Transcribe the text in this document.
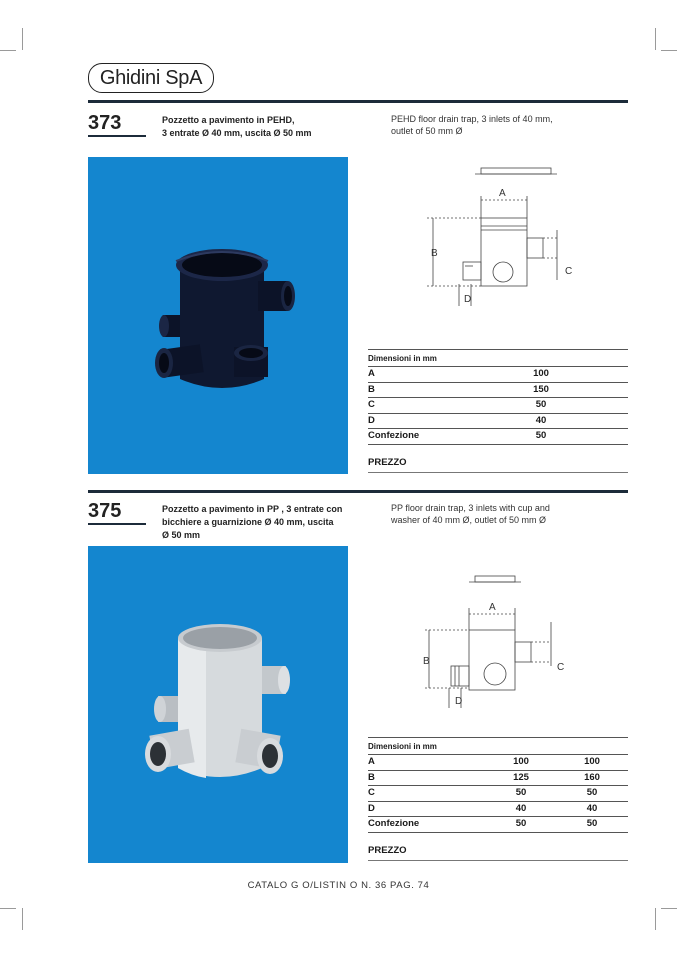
Ghidini SpA
373	Pozzetto a pavimento in PEHD,
3 entrate Ø 40 mm, uscita Ø 50 mm
PEHD floor drain trap, 3 inlets of 40 mm,
outlet of 50 mm Ø
A
B
C
D
Dimensioni in mm
A	100
B	150
C	50
D	40
Confezione	50
PREZZO
375	Pozzetto a pavimento in PP , 3 entrate con
bicchiere a guarnizione Ø 40 mm, uscita
Ø 50 mm
PP floor drain trap, 3 inlets with cup and
washer of 40 mm Ø, outlet of 50 mm Ø
A
B
C
D
Dimensioni in mm
A	100	100
B	125	160
C	50	50
D	40	40
Confezione	50	50
PREZZO
CATALO G O/LISTIN O N. 36 PAG. 74
